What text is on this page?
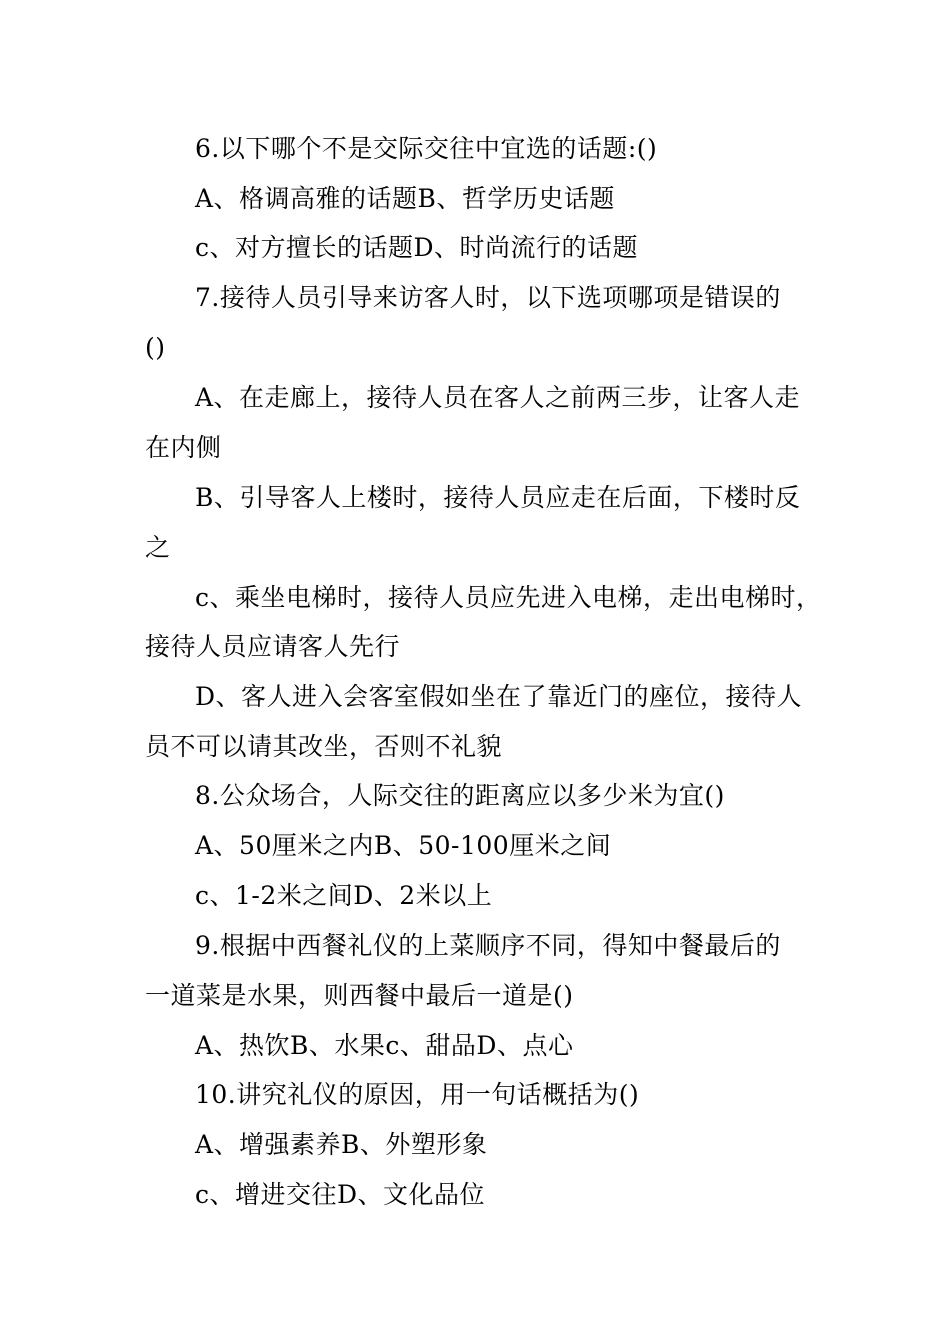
6.以下哪个不是交际交往中宜选的话题:()
A、格调高雅的话题B、哲学历史话题
c、对方擅长的话题D、时尚流行的话题
7.接待人员引导来访客人时，以下选项哪项是错误的
()
A、在走廊上，接待人员在客人之前两三步，让客人走
在内侧
B、引导客人上楼时，接待人员应走在后面，下楼时反
之
c、乘坐电梯时，接待人员应先进入电梯，走出电梯时，
接待人员应请客人先行
D、客人进入会客室假如坐在了靠近门的座位，接待人
员不可以请其改坐，否则不礼貌
8.公众场合，人际交往的距离应以多少米为宜()
A、50厘米之内B、50-100厘米之间
c、1-2米之间D、2米以上
9.根据中西餐礼仪的上菜顺序不同，得知中餐最后的
一道菜是水果，则西餐中最后一道是()
A、热饮B、水果c、甜品D、点心
10.讲究礼仪的原因，用一句话概括为()
A、增强素养B、外塑形象
c、增进交往D、文化品位
